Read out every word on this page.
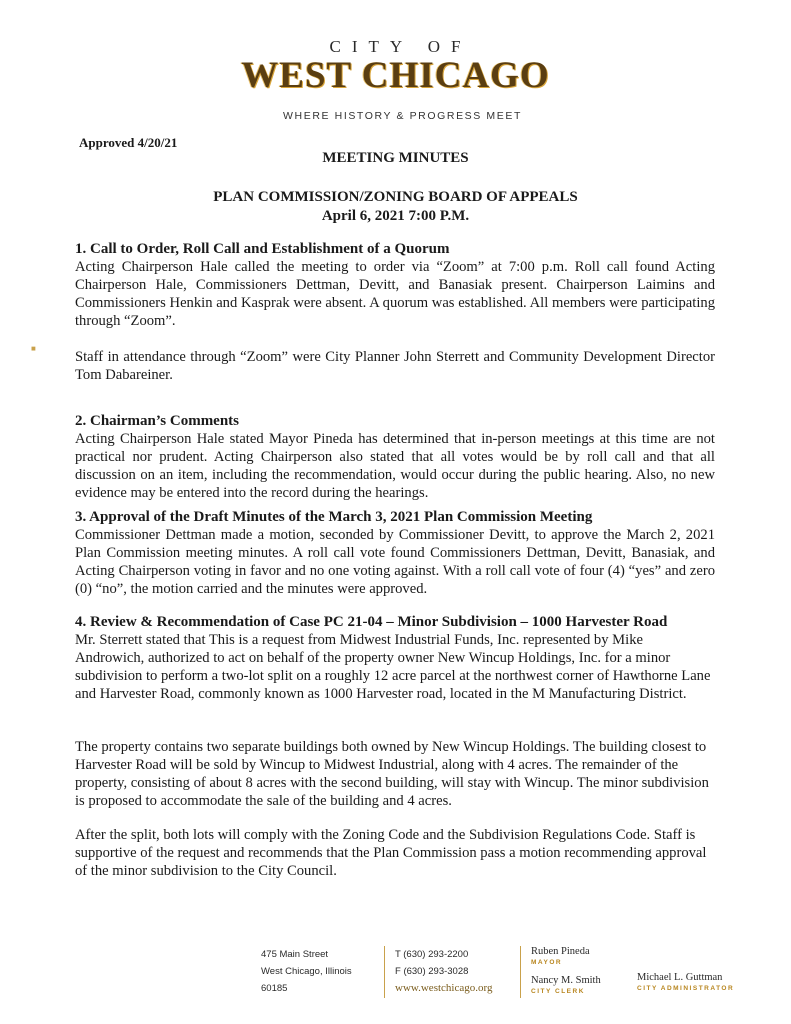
CITY OF
WEST CHICAGO
WHERE HISTORY & PROGRESS MEET
Approved 4/20/21
MEETING MINUTES
PLAN COMMISSION/ZONING BOARD OF APPEALS
April 6, 2021 7:00 P.M.
■
1. Call to Order, Roll Call and Establishment of a Quorum

Acting Chairperson Hale called the meeting to order via “Zoom” at 7:00 p.m. Roll call found Acting Chairperson Hale, Commissioners Dettman, Devitt, and Banasiak present. Chairperson Laimins and Commissioners Henkin and Kasprak were absent. A quorum was established. All members were participating through “Zoom”.

Staff in attendance through “Zoom” were City Planner John Sterrett and Community Development Director Tom Dabareiner.

2. Chairman’s Comments

Acting Chairperson Hale stated Mayor Pineda has determined that in-person meetings at this time are not practical nor prudent. Acting Chairperson also stated that all votes would be by roll call and that all discussion on an item, including the recommendation, would occur during the public hearing. Also, no new evidence may be entered into the record during the hearings.

3. Approval of the Draft Minutes of the March 3, 2021 Plan Commission Meeting

Commissioner Dettman made a motion, seconded by Commissioner Devitt, to approve the March 2, 2021 Plan Commission meeting minutes. A roll call vote found Commissioners Dettman, Devitt, Banasiak, and Acting Chairperson voting in favor and no one voting against. With a roll call vote of four (4) “yes” and zero (0) “no”, the motion carried and the minutes were approved.

4. Review & Recommendation of Case PC 21-04 – Minor Subdivision – 1000 Harvester Road

Mr. Sterrett stated that This is a request from Midwest Industrial Funds, Inc. represented by Mike Androwich, authorized to act on behalf of the property owner New Wincup Holdings, Inc. for a minor subdivision to perform a two-lot split on a roughly 12 acre parcel at the northwest corner of Hawthorne Lane and Harvester Road, commonly known as 1000 Harvester road, located in the M Manufacturing District.

The property contains two separate buildings both owned by New Wincup Holdings. The building closest to Harvester Road will be sold by Wincup to Midwest Industrial, along with 4 acres. The remainder of the property, consisting of about 8 acres with the second building, will stay with Wincup. The minor subdivision is proposed to accommodate the sale of the building and 4 acres.

After the split, both lots will comply with the Zoning Code and the Subdivision Regulations Code. Staff is supportive of the request and recommends that the Plan Commission pass a motion recommending approval of the minor subdivision to the City Council.

475 Main Street
West Chicago, Illinois
60185
T (630) 293-2200
F (630) 293-3028
www.westchicago.org
Ruben Pineda
MAYOR
Nancy M. Smith
CITY CLERK
Michael L. Guttman
CITY ADMINISTRATOR
